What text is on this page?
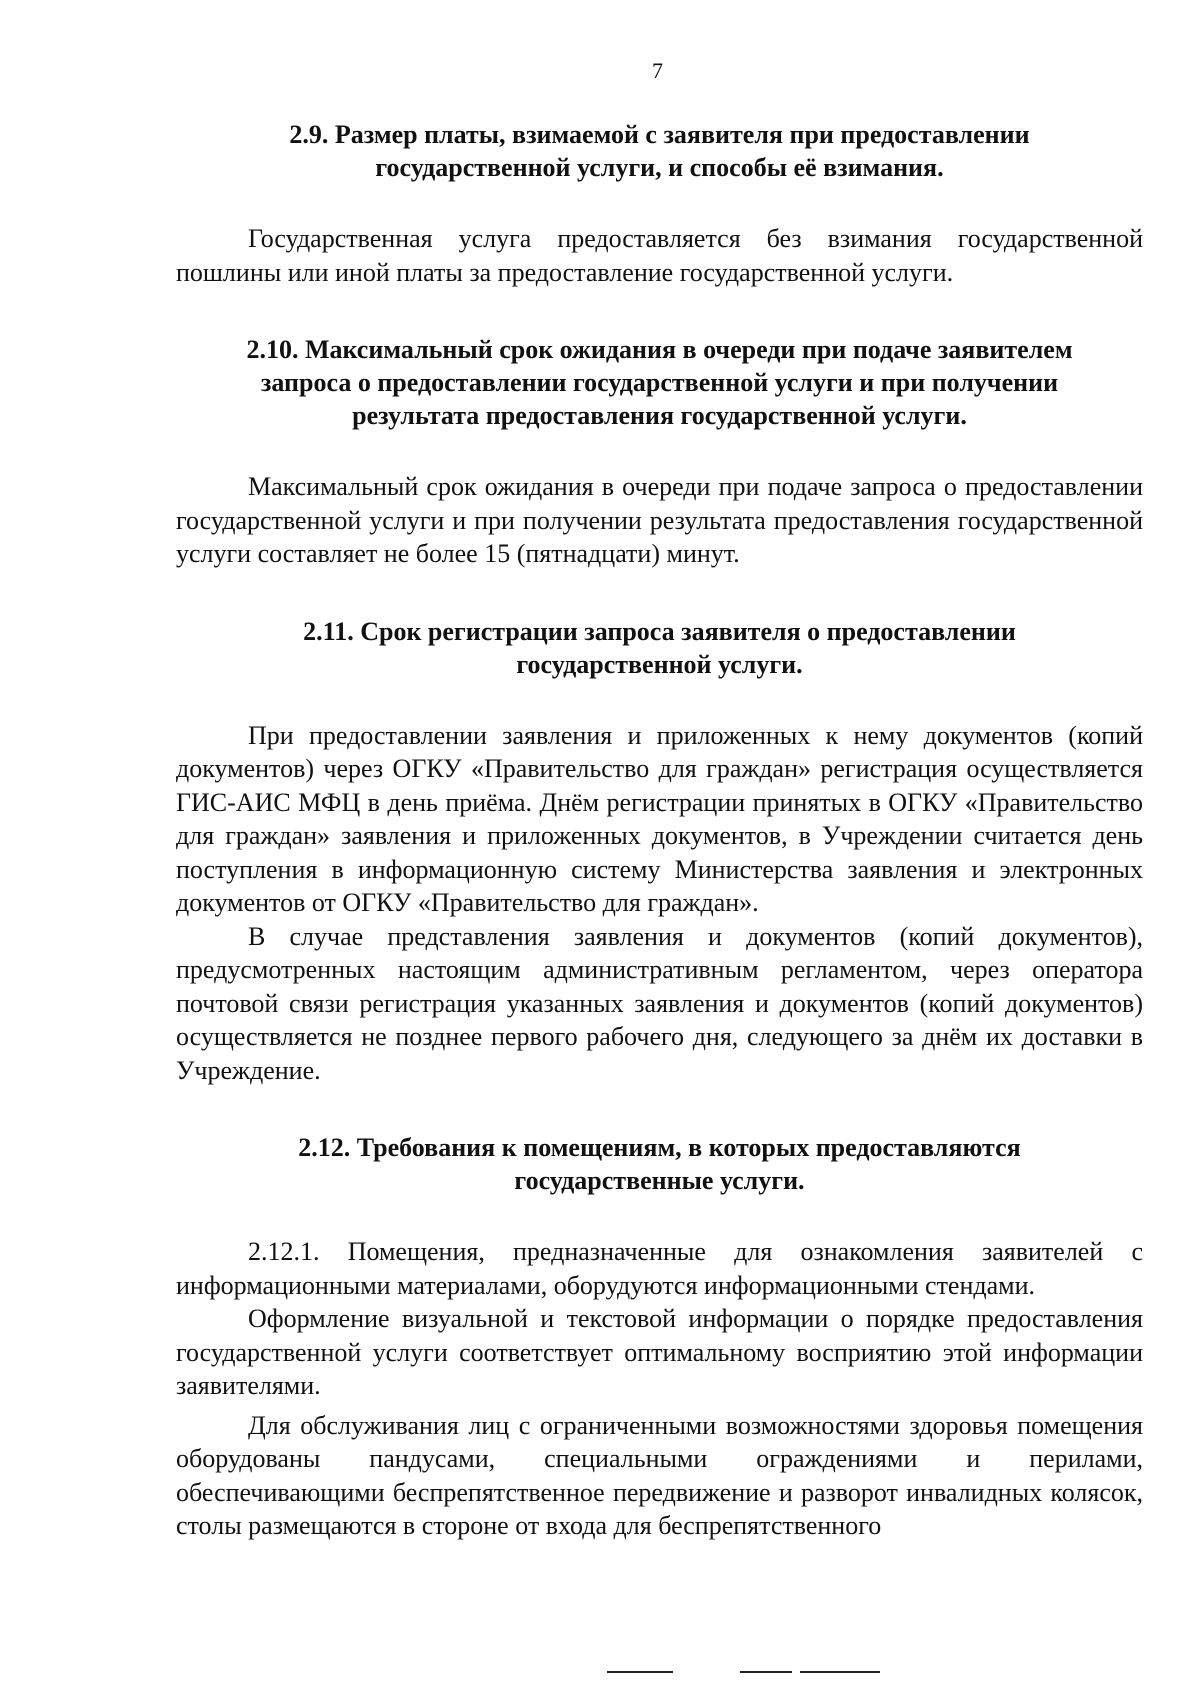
7

2.9. Размер платы, взимаемой с заявителя при предоставлении
государственной услуги, и способы её взимания.

Государственная услуга предоставляется без взимания государственной пошлины или иной платы за предоставление государственной услуги.

2.10. Максимальный срок ожидания в очереди при подаче заявителем
запроса о предоставлении государственной услуги и при получении
результата предоставления государственной услуги.

Максимальный срок ожидания в очереди при подаче запроса о предоставлении государственной услуги и при получении результата предоставления государственной услуги составляет не более 15 (пятнадцати) минут.

2.11. Срок регистрации запроса заявителя о предоставлении
государственной услуги.

При предоставлении заявления и приложенных к нему документов (копий документов) через ОГКУ «Правительство для граждан» регистрация осуществляется ГИС-АИС МФЦ в день приёма. Днём регистрации принятых в ОГКУ «Правительство для граждан» заявления и приложенных документов, в Учреждении считается день поступления в информационную систему Министерства заявления и электронных документов от ОГКУ «Правительство для граждан».

В случае представления заявления и документов (копий документов), предусмотренных настоящим административным регламентом, через оператора почтовой связи регистрация указанных заявления и документов (копий документов) осуществляется не позднее первого рабочего дня, следующего за днём их доставки в Учреждение.

2.12. Требования к помещениям, в которых предоставляются
государственные услуги.

2.12.1. Помещения, предназначенные для ознакомления заявителей с информационными материалами, оборудуются информационными стендами.

Оформление визуальной и текстовой информации о порядке предоставления государственной услуги соответствует оптимальному восприятию этой информации заявителями.

Для обслуживания лиц с ограниченными возможностями здоровья помещения оборудованы пандусами, специальными ограждениями и перилами, обеспечивающими беспрепятственное передвижение и разворот инвалидных колясок, столы размещаются в стороне от входа для беспрепятственного
